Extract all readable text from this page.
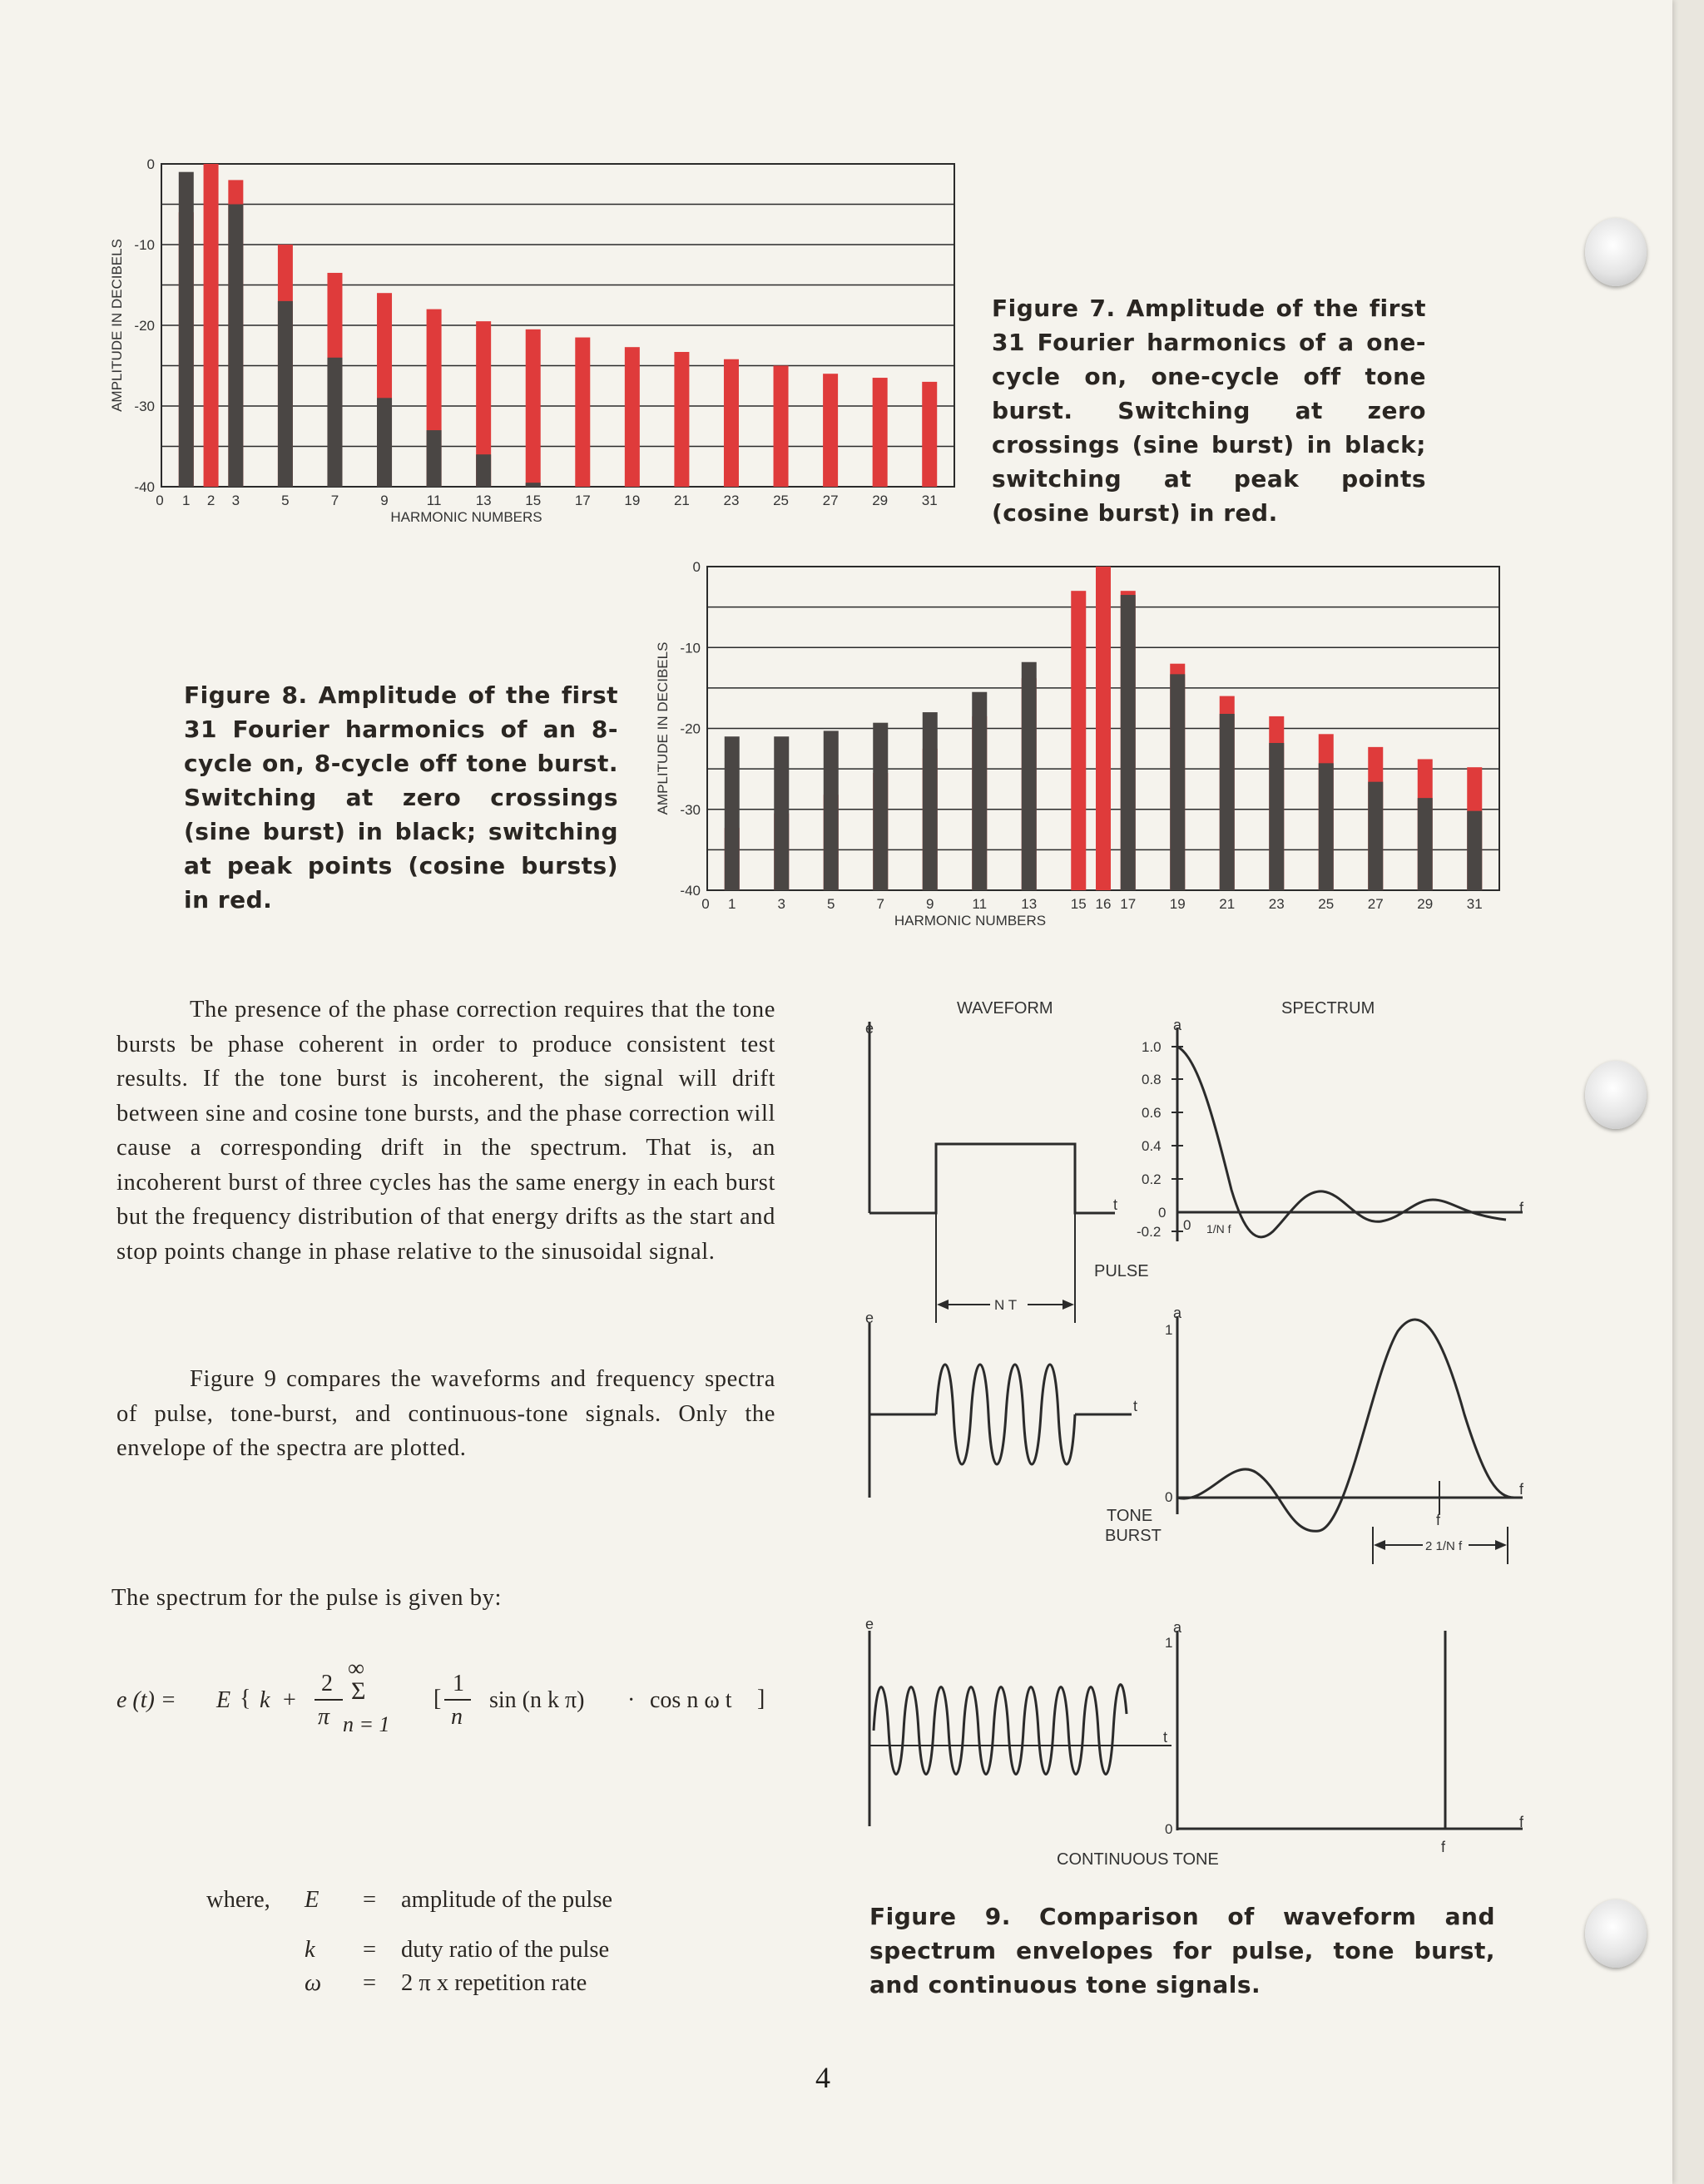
0
-10
-20
-30
-40
0 1 2 3	5	7	9	11 13 15 17 19 21 23 25 27 29 31
HARMONIC NUMBERS
AMPLITUDE IN DECIBELS	Figure 7. Amplitude of the first 31 Fourier harmonics of a one-cycle on, one-cycle off tone burst. Switching at zero crossings (sine burst) in black; switching at peak points (cosine burst) in red.
0
-10
-20
-30
-40
0 1	3	5	7	9	11 13 15 16 17 19 21 23 25 27 29 31
HARMONIC NUMBERS
AMPLITUDE IN DECIBELS
Figure 8. Amplitude of the first 31 Fourier harmonics of an 8-cycle on, 8-cycle off tone burst. Switching at zero crossings (sine burst) in black; switching at peak points (cosine bursts) in red.
The presence of the phase correction requires that the tone bursts be phase coherent in order to produce consistent test results. If the tone burst is incoherent, the signal will drift between sine and cosine tone bursts, and the phase correction will cause a corresponding drift in the spectrum. That is, an incoherent burst of three cycles has the same energy in each burst but the frequency distribution of that energy drifts as the start and stop points change in phase relative to the sinusoidal signal.
Figure 9 compares the waveforms and frequency spectra of pulse, tone-burst, and continuous-tone signals. Only the envelope of the spectra are plotted.
The spectrum for the pulse is given by:
e (t) = E { k +
2
π
∞
Σ
n = 1
[
1
n
sin (n k π) · cos n ω t ]
where, E = amplitude of the pulse
k = duty ratio of the pulse
ω = 2 π x repetition rate
WAVEFORM	SPECTRUM
e
t
a
f
1.0
0.8
0.6
0.4
0.2
0
-0.2 0 1/N f
PULSE
N T
e
t
a
1
0	f
f
2 1/N f
TONE
BURST
e
t
a
1
0	f
f
CONTINUOUS TONE
Figure 9. Comparison of waveform and spectrum envelopes for pulse, tone burst, and continuous tone signals.
4
